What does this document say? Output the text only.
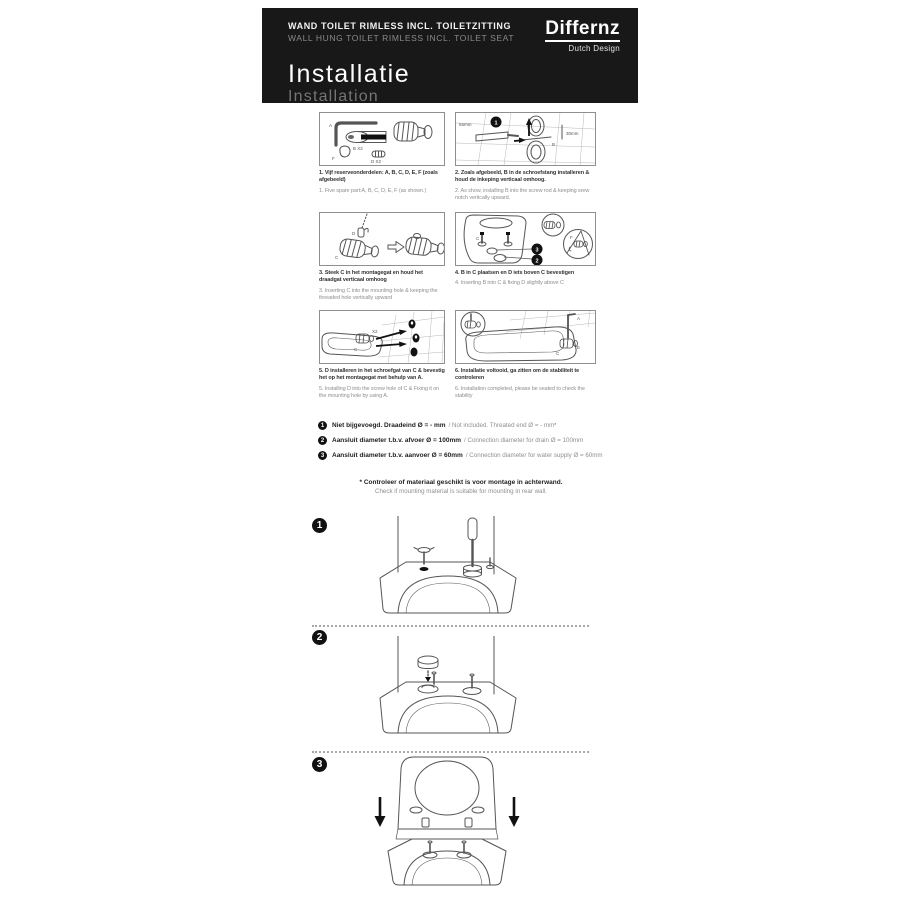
WAND TOILET RIMLESS INCL. TOILETZITTING
WALL HUNG TOILET RIMLESS INCL. TOILET SEAT Differnz
Dutch Design
Installatie
Installation
A
B X2
F
D X2
1. Vijf reserveonderdelen: A, B, C, D, E, F (zoals afgebeeld)
1. Five spare part:A, B, C, D, E, F (as shown.)
1
55mm
30mm
B
2. Zoals afgebeeld, B in de schroefstang installeren & houd de inkeping verticaal omhoog.
2. As show, installing B into the screw rod & keeping srew notch vertically upward.
D
C
3. Steek C in het montagegat en houd het draadgat verticaal omhoog
3. Inserting C into the mounting hole & keeping the threaded hole vertically upward
3
2
C	F
4. B in C plaatsen en D iets boven C bevestigen
4. Inserting B into C & fixing D slightly above C
C
X2
5. D installeren in het schroefgat van C & bevestig het op het montagegat met behulp van A.
5. Installing D into the screw hole of C & Fixing it on the mounting hole by using A.
A
E
C
6. Installatie voltooid, ga zitten om de stabiliteit te controleren
6. Installation completed, please be seated to check the stability
1	Niet bijgevoegd. Draadeind Ø = - mm / Not included. Threated end Ø = - mm *
2	Aansluit diameter t.b.v. afvoer Ø = 100mm / Connection diameter for drain Ø = 100mm
3	Aansluit diameter t.b.v. aanvoer Ø = 60mm / Connection diameter for water supply Ø = 60mm
* Controleer of materiaal geschikt is voor montage in achterwand.
Check if mounting material is suitable for mounting in rear wall.
1
2
3
